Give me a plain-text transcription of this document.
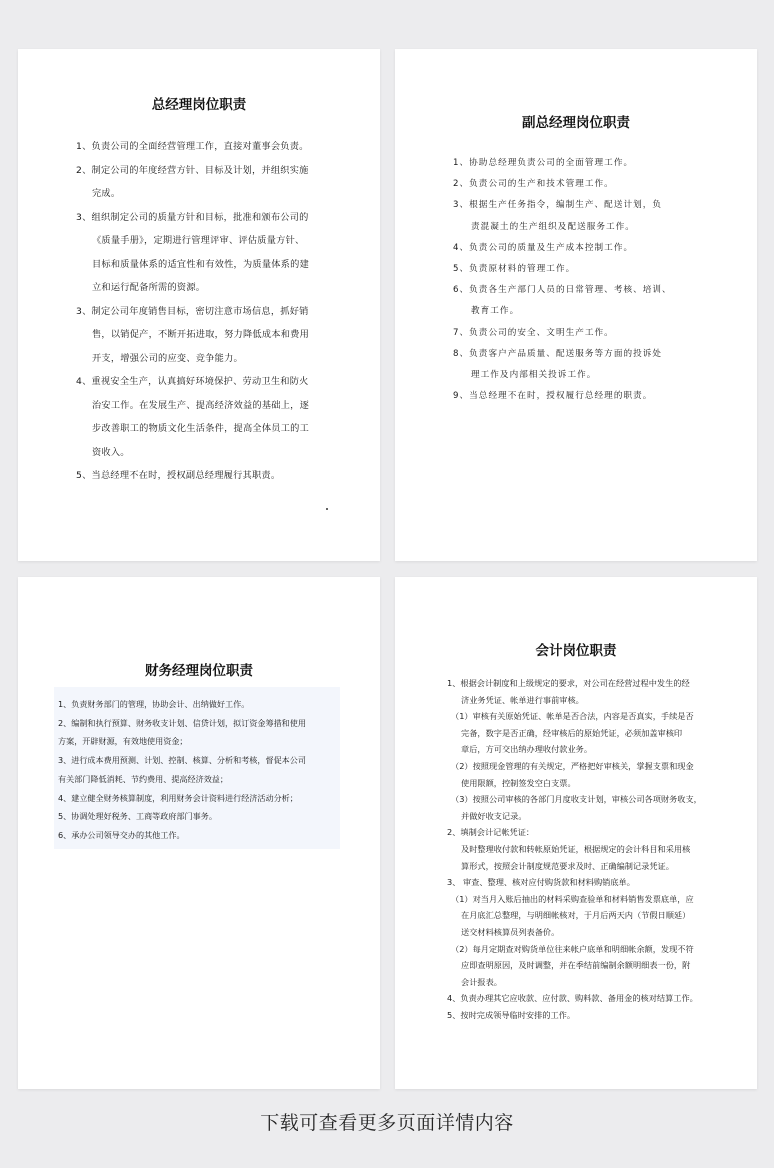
总经理岗位职责
1、负责公司的全面经营管理工作，直接对董事会负责。
2、制定公司的年度经营方针、目标及计划，并组织实施
完成。
3、组织制定公司的质量方针和目标，批准和颁布公司的
《质量手册》，定期进行管理评审、评估质量方针、
目标和质量体系的适宜性和有效性，为质量体系的建
立和运行配备所需的资源。
3、制定公司年度销售目标，密切注意市场信息，抓好销
售，以销促产，不断开拓进取，努力降低成本和费用
开支，增强公司的应变、竞争能力。
4、重视安全生产，认真搞好环境保护、劳动卫生和防火
治安工作。在发展生产、提高经济效益的基础上，逐
步改善职工的物质文化生活条件，提高全体员工的工
资收入。
5、当总经理不在时，授权副总经理履行其职责。
副总经理岗位职责
1、协助总经理负责公司的全面管理工作。
2、负责公司的生产和技术管理工作。
3、根据生产任务指令，编制生产、配送计划，负
责混凝土的生产组织及配送服务工作。
4、负责公司的质量及生产成本控制工作。
5、负责原材料的管理工作。
6、负责各生产部门人员的日常管理、考核、培训、
教育工作。
7、负责公司的安全、文明生产工作。
8、负责客户产品质量、配送服务等方面的投诉处
理工作及内部相关投诉工作。
9、当总经理不在时，授权履行总经理的职责。
财务经理岗位职责
1、负责财务部门的管理，协助会计、出纳做好工作。
2、编制和执行预算、财务收支计划、信贷计划，拟订资金筹措和使用
方案，开辟财源，有效地使用资金；
3、进行成本费用预测、计划、控制、核算、分析和考核，督促本公司
有关部门降低消耗、节约费用、提高经济效益；
4、建立健全财务核算制度，利用财务会计资料进行经济活动分析；
5、协调处理好税务、工商等政府部门事务。
6、承办公司领导交办的其他工作。
会计岗位职责
1、根据会计制度和上级规定的要求，对公司在经营过程中发生的经
济业务凭证、帐单进行事前审核。
（1）审核有关原始凭证、帐单是否合法，内容是否真实，手续是否
完备，数字是否正确，经审核后的原始凭证，必须加盖审核印
章后，方可交出纳办理收付款业务。
（2）按照现金管理的有关规定，严格把好审核关，掌握支票和现金
使用限额，控制签发空白支票。
（3）按照公司审核的各部门月度收支计划，审核公司各项财务收支，
并做好收支记录。
2、填制会计记帐凭证：
及时整理收付款和转帐原始凭证，根据规定的会计科目和采用核
算形式，按照会计制度规范要求及时、正确编制记录凭证。
3、 审查、整理、核对应付购货款和材料购销底单。
（1）对当月入账后抽出的材料采购查验单和材料销售发票底单，应
在月底汇总整理，与明细帐核对，于月后两天内（节假日顺延）
送交材料核算员列表备价。
（2）每月定期查对购货单位往来帐户底单和明细帐余额，发现不符
应即查明原因，及时调整，并在季结前编制余额明细表一份，附
会计报表。
4、负责办理其它应收款、应付款、购料款、备用金的核对结算工作。
5、按时完成领导临时安排的工作。
下载可查看更多页面详情内容
